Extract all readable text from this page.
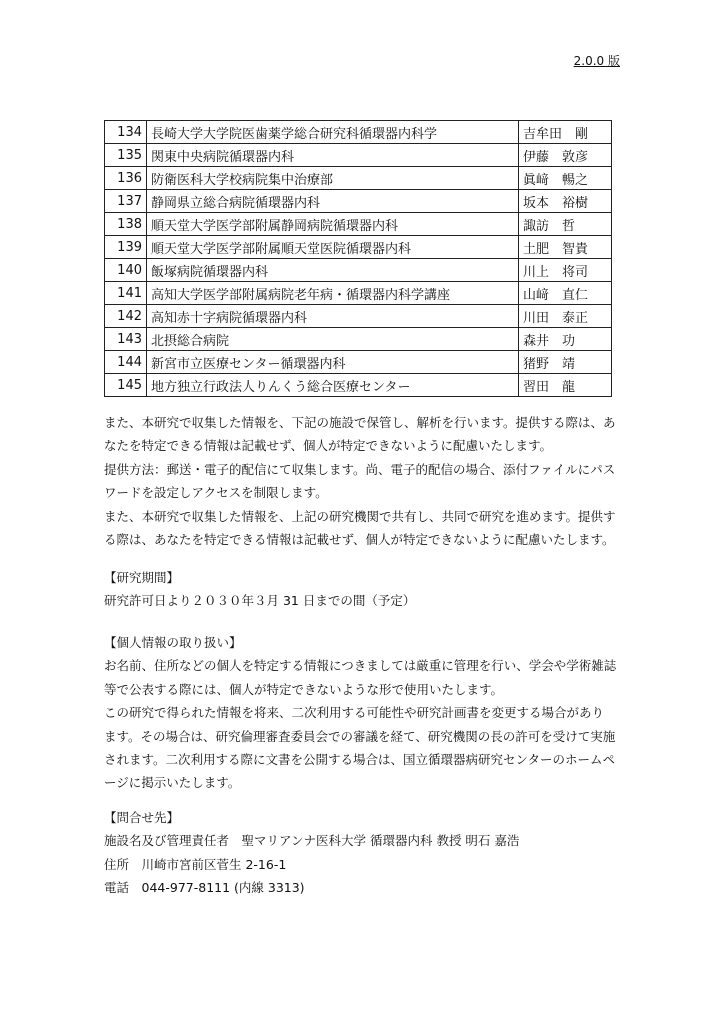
2.0.0 版
134	長崎大学大学院医歯薬学総合研究科循環器内科学	吉牟田　剛
135	関東中央病院循環器内科	伊藤　敦彦
136	防衛医科大学校病院集中治療部	眞﨑　暢之
137	静岡県立総合病院循環器内科	坂本　裕樹
138	順天堂大学医学部附属静岡病院循環器内科	諏訪　哲
139	順天堂大学医学部附属順天堂医院循環器内科	土肥　智貴
140	飯塚病院循環器内科	川上　将司
141	高知大学医学部附属病院老年病・循環器内科学講座	山﨑　直仁
142	高知赤十字病院循環器内科	川田　泰正
143	北摂総合病院	森井　功
144	新宮市立医療センター循環器内科	猪野　靖
145	地方独立行政法人りんくう総合医療センター	習田　龍

また、本研究で収集した情報を、下記の施設で保管し、解析を行います。提供する際は、あ

なたを特定できる情報は記載せず、個人が特定できないように配慮いたします。

提供方法：郵送・電子的配信にて収集します。尚、電子的配信の場合、添付ファイルにパス

ワードを設定しアクセスを制限します。

また、本研究で収集した情報を、上記の研究機関で共有し、共同で研究を進めます。提供す

る際は、あなたを特定できる情報は記載せず、個人が特定できないように配慮いたします。

【研究期間】

研究許可日より２０３０年３月 31 日までの間（予定）

【個人情報の取り扱い】

お名前、住所などの個人を特定する情報につきましては厳重に管理を行い、学会や学術雑誌

等で公表する際には、個人が特定できないような形で使用いたします。

この研究で得られた情報を将来、二次利用する可能性や研究計画書を変更する場合があり

ます。その場合は、研究倫理審査委員会での審議を経て、研究機関の長の許可を受けて実施

されます。二次利用する際に文書を公開する場合は、国立循環器病研究センターのホームペ

ージに掲示いたします。

【問合せ先】

施設名及び管理責任者　聖マリアンナ医科大学 循環器内科 教授 明石 嘉浩

住所　川崎市宮前区菅生 2-16-1

電話　044-977-8111 (内線 3313)
